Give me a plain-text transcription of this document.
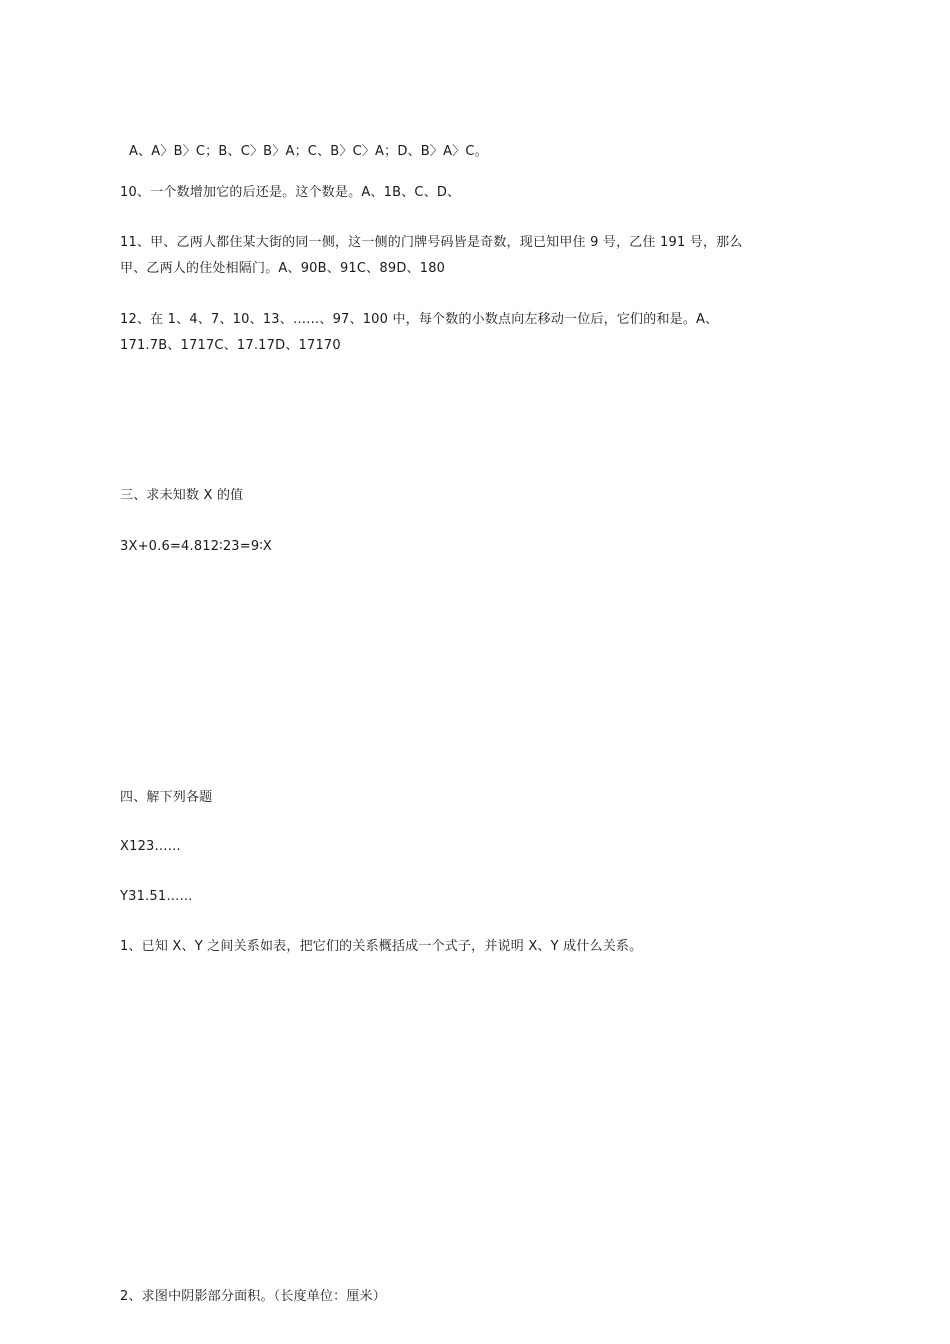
A、A〉B〉C；B、C〉B〉A；C、B〉C〉A；D、B〉A〉C。
10、一个数增加它的后还是。这个数是。A、1B、C、D、
11、甲、乙两人都住某大街的同一侧，这一侧的门牌号码皆是奇数，现已知甲住 9 号，乙住 191 号，那么
甲、乙两人的住处相隔门。A、90B、91C、89D、180
12、在 1、4、7、10、13、……、97、100 中，每个数的小数点向左移动一位后，它们的和是。A、
171.7B、1717C、17.17D、17170
三、求未知数 X 的值
3X+0.6=4.812∶23=9∶X
四、解下列各题
X123……
Y31.51……
1、已知 X、Y 之间关系如表，把它们的关系概括成一个式子，并说明 X、Y 成什么关系。
2、求图中阴影部分面积。（长度单位：厘米）
